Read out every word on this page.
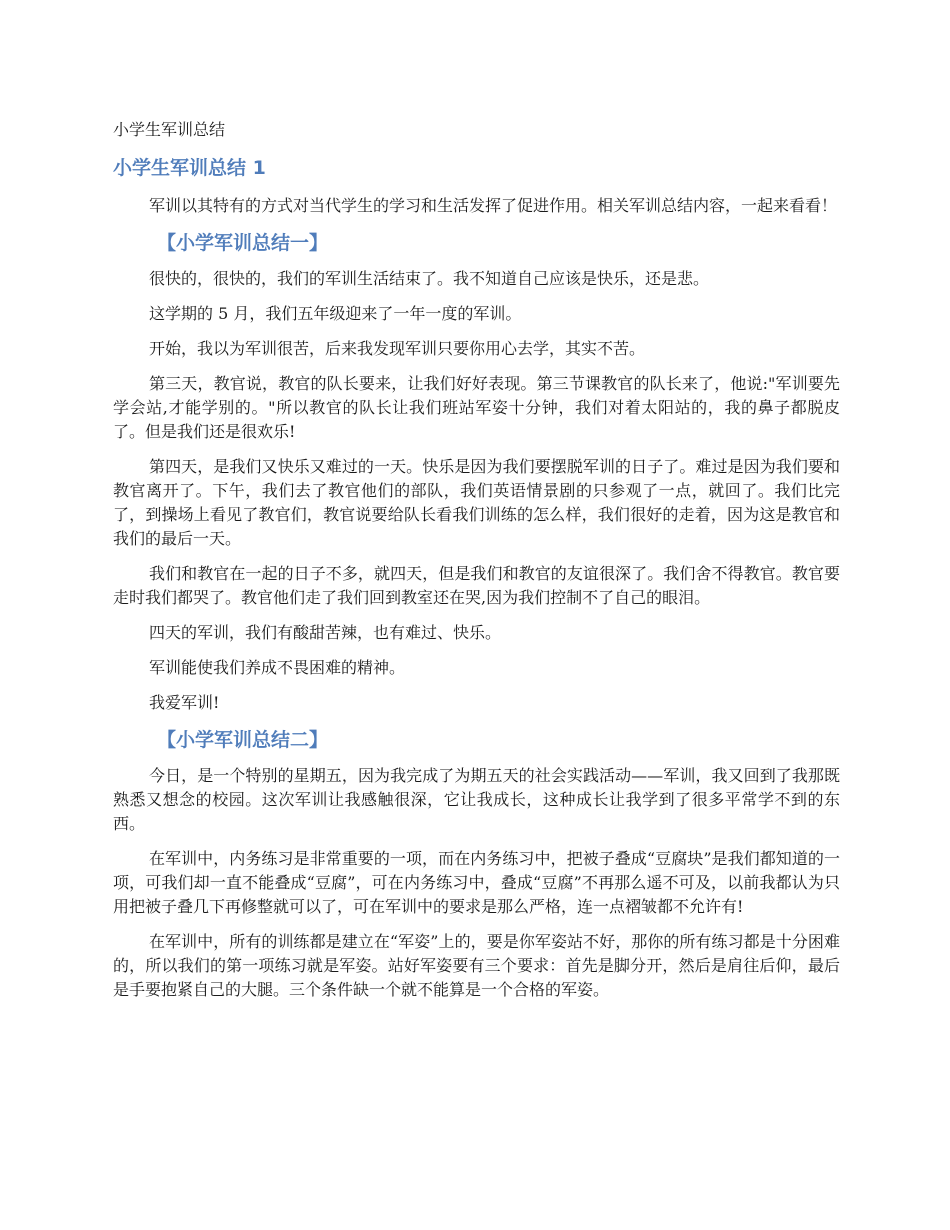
小学生军训总结
小学生军训总结 1

军训以其特有的方式对当代学生的学习和生活发挥了促进作用。相关军训总结内容，一起来看看！

【小学军训总结一】

很快的，很快的，我们的军训生活结束了。我不知道自己应该是快乐，还是悲。

这学期的 5 月，我们五年级迎来了一年一度的军训。

开始，我以为军训很苦，后来我发现军训只要你用心去学，其实不苦。

第三天，教官说，教官的队长要来，让我们好好表现。第三节课教官的队长来了，他说:"军训要先学会站,才能学别的。"所以教官的队长让我们班站军姿十分钟，我们对着太阳站的，我的鼻子都脱皮了。但是我们还是很欢乐!

第四天，是我们又快乐又难过的一天。快乐是因为我们要摆脱军训的日子了。难过是因为我们要和教官离开了。下午，我们去了教官他们的部队，我们英语情景剧的只参观了一点，就回了。我们比完了，到操场上看见了教官们，教官说要给队长看我们训练的怎么样，我们很好的走着，因为这是教官和我们的最后一天。

我们和教官在一起的日子不多，就四天，但是我们和教官的友谊很深了。我们舍不得教官。教官要走时我们都哭了。教官他们走了我们回到教室还在哭,因为我们控制不了自己的眼泪。

四天的军训，我们有酸甜苦辣，也有难过、快乐。

军训能使我们养成不畏困难的精神。

我爱军训!

【小学军训总结二】

今日，是一个特别的星期五，因为我完成了为期五天的社会实践活动——军训，我又回到了我那既熟悉又想念的校园。这次军训让我感触很深，它让我成长，这种成长让我学到了很多平常学不到的东西。

在军训中，内务练习是非常重要的一项，而在内务练习中，把被子叠成“豆腐块”是我们都知道的一项，可我们却一直不能叠成“豆腐”，可在内务练习中，叠成“豆腐”不再那么遥不可及，以前我都认为只用把被子叠几下再修整就可以了，可在军训中的要求是那么严格，连一点褶皱都不允许有!

在军训中，所有的训练都是建立在“军姿”上的，要是你军姿站不好，那你的所有练习都是十分困难的，所以我们的第一项练习就是军姿。站好军姿要有三个要求：首先是脚分开，然后是肩往后仰，最后是手要抱紧自己的大腿。三个条件缺一个就不能算是一个合格的军姿。
